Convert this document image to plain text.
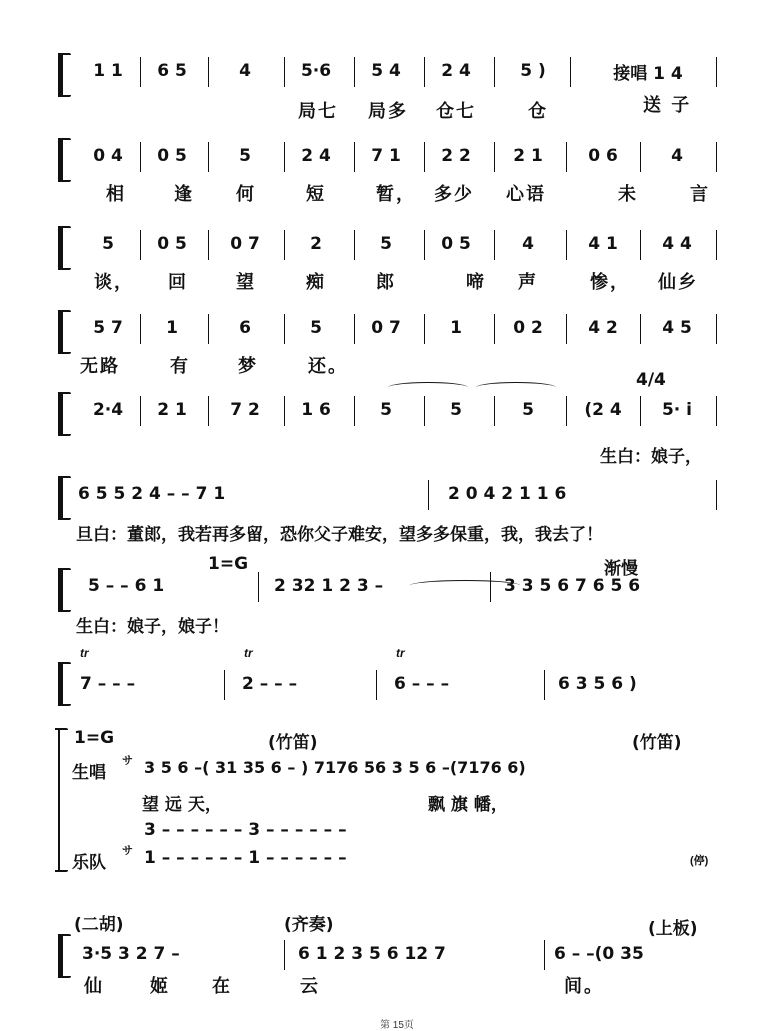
1 1	6 5	4	5·6	5 4	2 4	5 )	接唱 1 4
局七 局多 仓七	仓	送 子
0 4	0 5	5	2 4	7 1	2 2	2 1	0 6	4
相	逢 何	短	暂， 多少 心语	未	言
5	0 5	0 7	2	5	0 5	4	4 1	4 4
谈， 回	望	痴	郎	啼 声	惨， 仙乡
5 7	1	6	5	0 7	1	0 2	4 2	4 5
无路	有	梦	还。
4/4
2·4	2 1	7 2	1 6	5	5	5	(2 4	5· i
生白：娘子，
6 5 5 2 4 – – 7 1	2 0 4 2 1 1 6
旦白：董郎，我若再多留，恐你父子难安，望多多保重，我，我去了！
1=G	渐慢
5 – – 6 1	2 32 1 2 3 –	3 3 5 6 7 6 5 6
生白：娘子，娘子！
tr	tr	tr
7 – – –	2 – – –	6 – – –	6 3 5 6 )
1=G	(竹笛)	(竹笛)
生唱
サ 3 5 6 –( 31 35 6 – ) 7176 56 3 5 6 –(7176 6)
望 远 天，	飘 旗 幡，
3 – – – – – – 3 – – – – – –
乐队
サ 1 – – – – – – 1 – – – – – –	(停)
(二胡)	(齐奏)	(上板)
3·5 3 2 7 –	6 1 2 3 5 6 12 7	6 – –(0 35
仙	姬 在	云	间。
第 15页
